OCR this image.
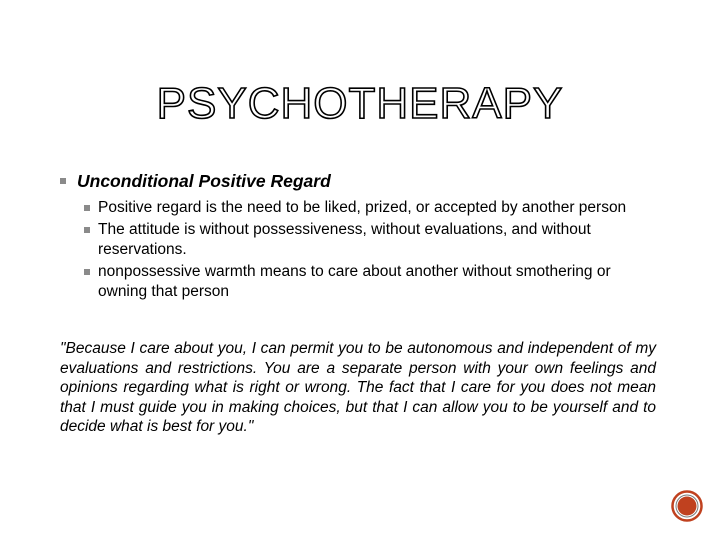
PSYCHOTHERAPY
Unconditional Positive Regard
Positive regard is the need to be liked, prized, or accepted by another person
The attitude is without possessiveness, without evaluations, and without reservations.
nonpossessive warmth means to care about another without smothering or owning that person
"Because I care about you, I can permit you to be autonomous and independent of my evaluations and restrictions. You are a separate person with your own feelings and opinions regarding what is right or wrong. The fact that I care for you does not mean that I must guide you in making choices, but that I can allow you to be yourself and to decide what is best for you."
